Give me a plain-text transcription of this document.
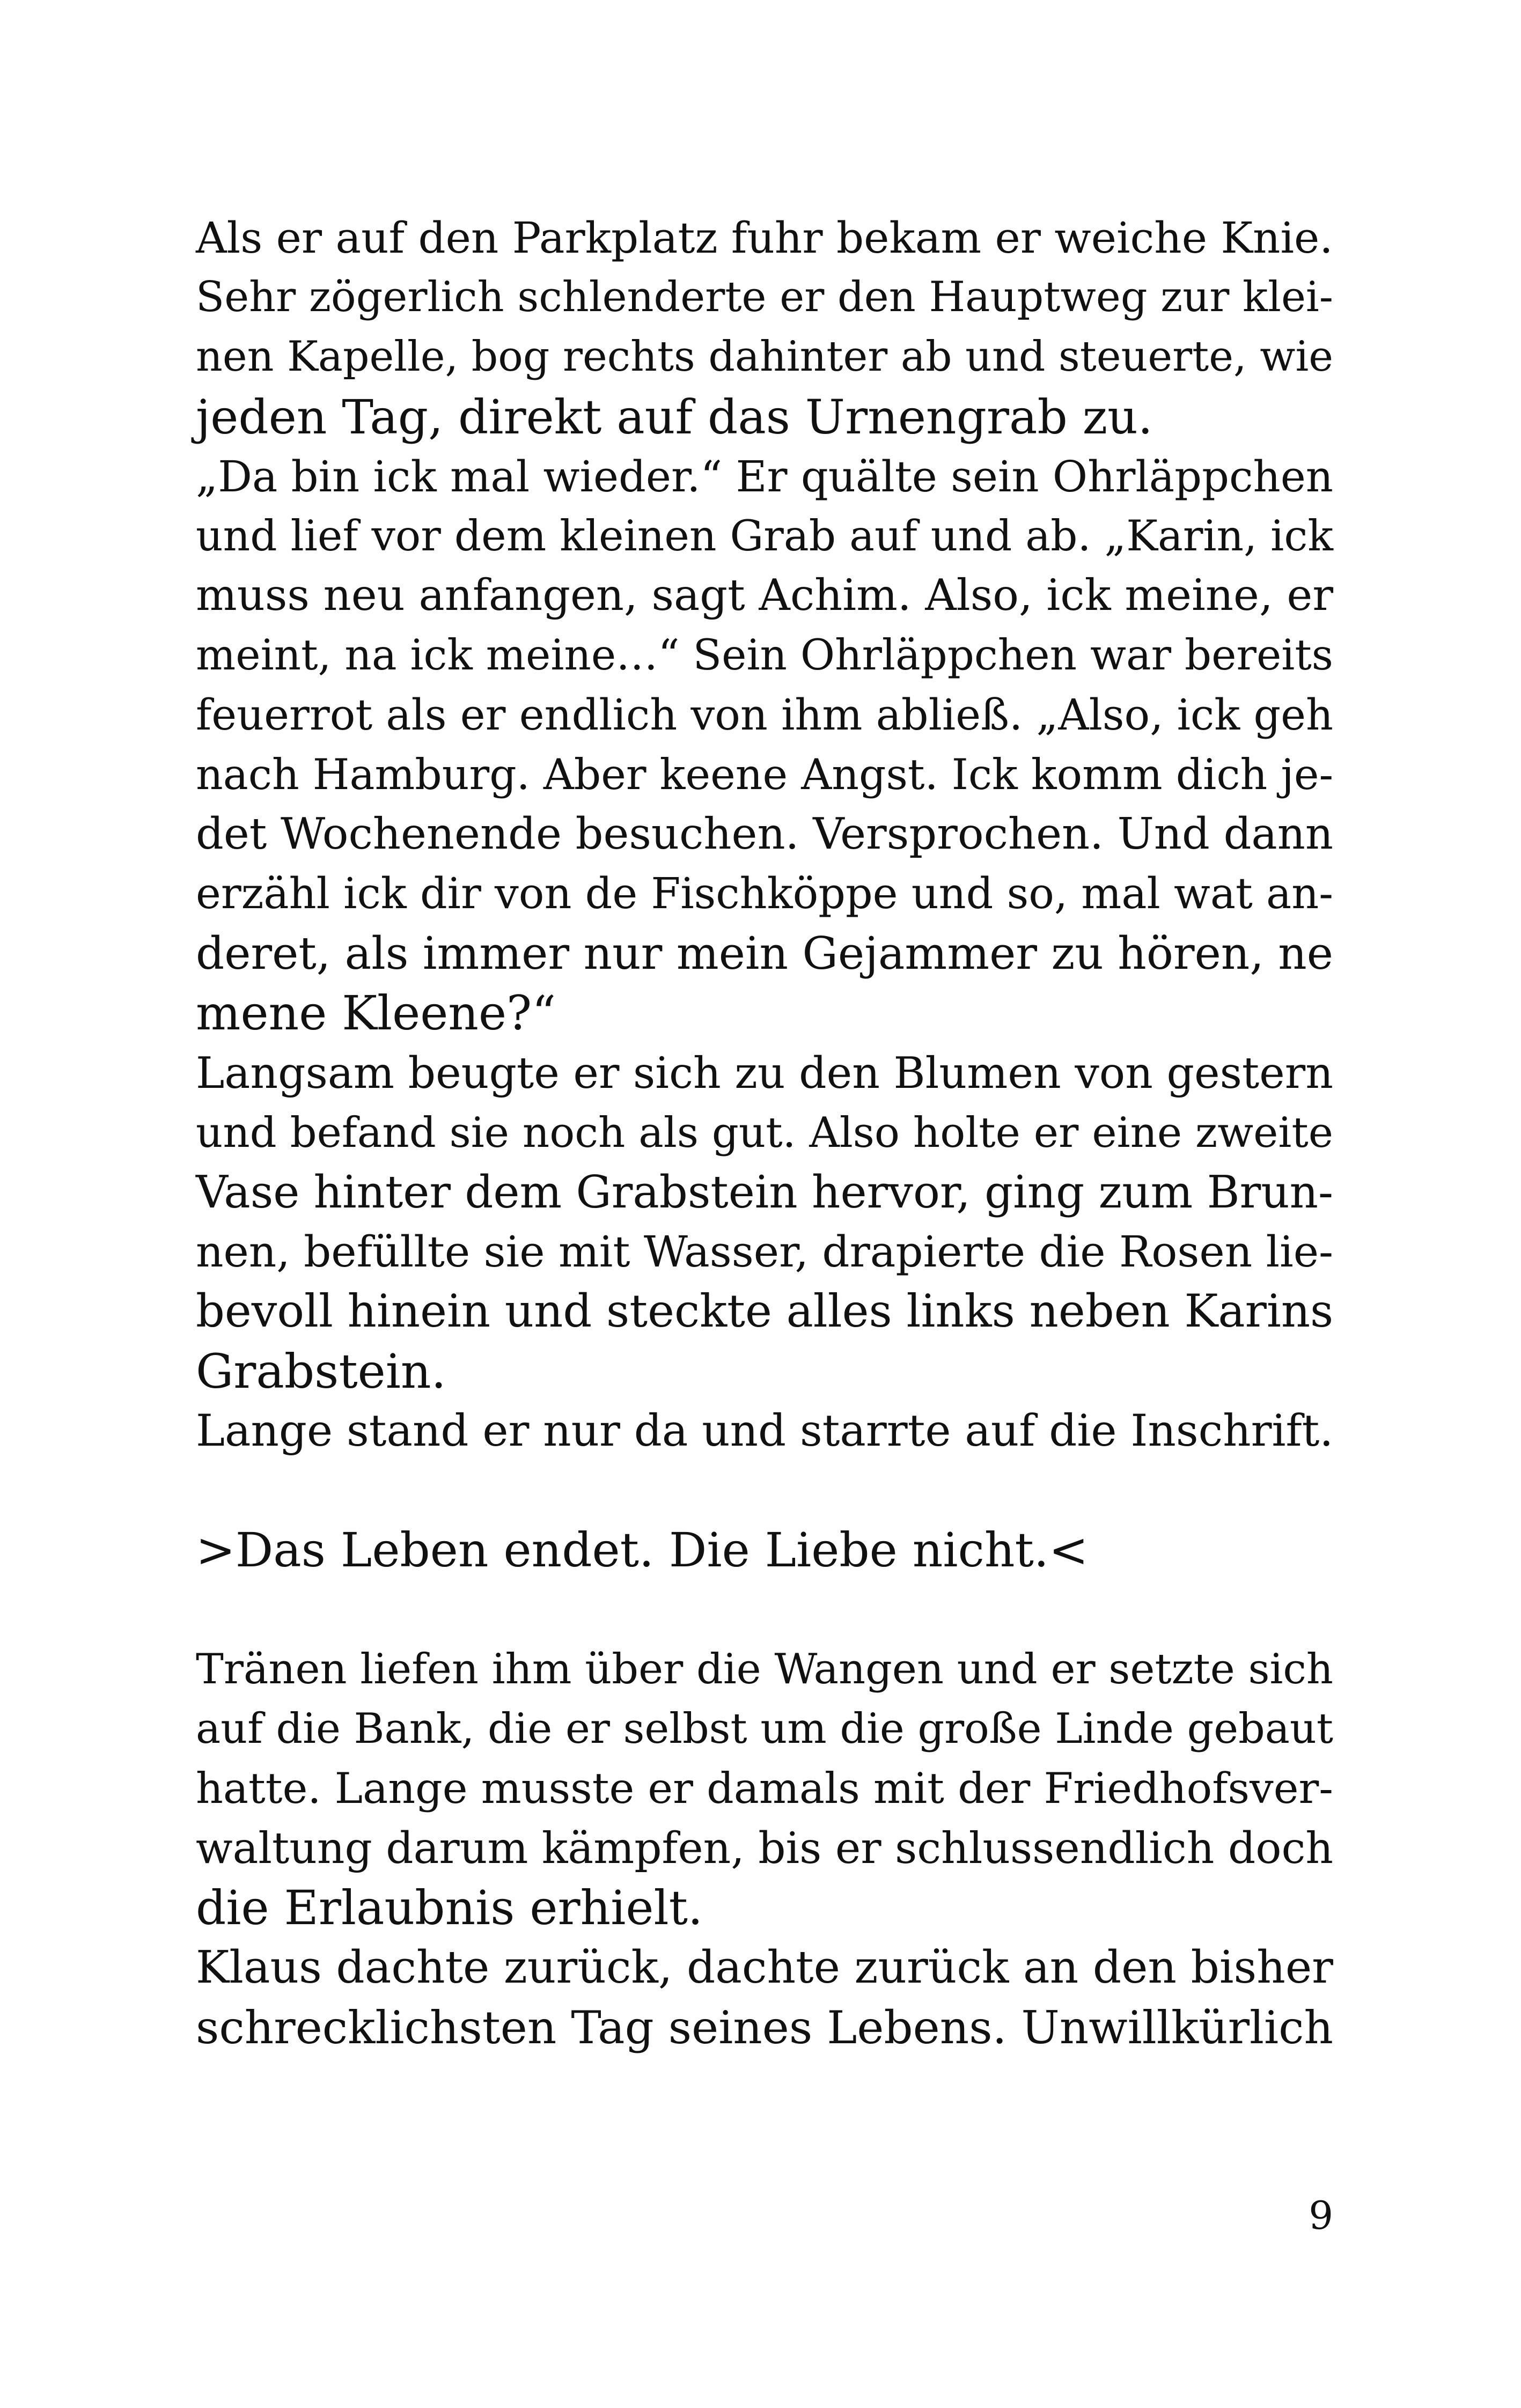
Als er auf den Parkplatz fuhr bekam er weiche Knie.
Sehr zögerlich schlenderte er den Hauptweg zur klei-
nen Kapelle, bog rechts dahinter ab und steuerte, wie
jeden Tag, direkt auf das Urnengrab zu.
„Da bin ick mal wieder.“ Er quälte sein Ohrläppchen
und lief vor dem kleinen Grab auf und ab. „Karin, ick
muss neu anfangen, sagt Achim. Also, ick meine, er
meint, na ick meine…“ Sein Ohrläppchen war bereits
feuerrot als er endlich von ihm abließ. „Also, ick geh
nach Hamburg. Aber keene Angst. Ick komm dich je-
det Wochenende besuchen. Versprochen. Und dann
erzähl ick dir von de Fischköppe und so, mal wat an-
deret, als immer nur mein Gejammer zu hören, ne
mene Kleene?“
Langsam beugte er sich zu den Blumen von gestern
und befand sie noch als gut. Also holte er eine zweite
Vase hinter dem Grabstein hervor, ging zum Brun-
nen, befüllte sie mit Wasser, drapierte die Rosen lie-
bevoll hinein und steckte alles links neben Karins
Grabstein.
Lange stand er nur da und starrte auf die Inschrift.
>Das Leben endet. Die Liebe nicht.<
Tränen liefen ihm über die Wangen und er setzte sich
auf die Bank, die er selbst um die große Linde gebaut
hatte. Lange musste er damals mit der Friedhofsver-
waltung darum kämpfen, bis er schlussendlich doch
die Erlaubnis erhielt.
Klaus dachte zurück, dachte zurück an den bisher
schrecklichsten Tag seines Lebens. Unwillkürlich
9
